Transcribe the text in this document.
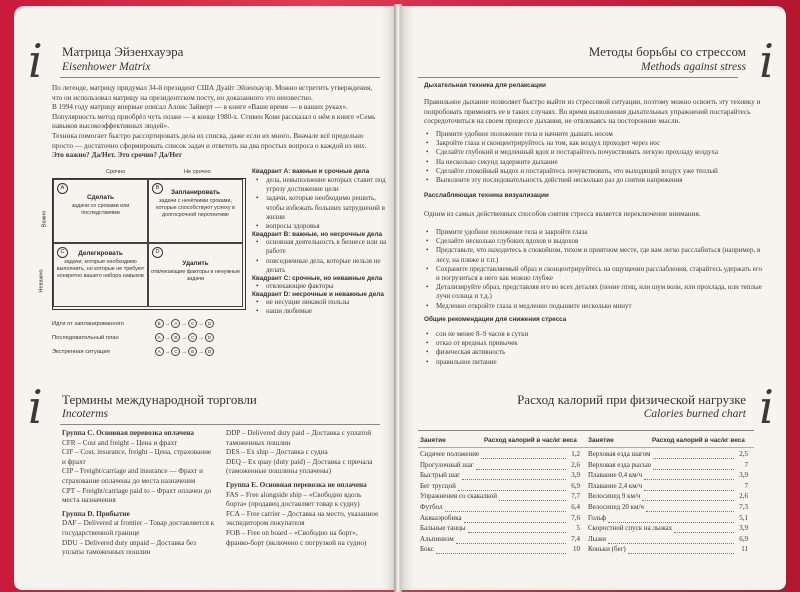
i Матрица Эйзенхауэра
Eisenhower Matrix
По легенде, матрицу придумал 34-й президент США Дуайт Эйзенхауэр. Можно встретить утверждения, что он использовал матрицу на президентском посту, но доказанного это неизвестно.
В 1994 году матрицу впервые описал Алоис Зайверт — в книге «Ваше время — в ваших руках». Популярность метод приобрёл чуть позже — в конце 1980-х. Стивен Кови рассказал о нём в книге «Семь навыков высокоэффективных людей».
Техника помогает быстро рассортировать дела из списка, даже если их много. Вначале всё предельно просто — достаточно сформировать список задач и ответить на два простых вопроса о каждой из них.
Это важно? Да/Нет. Это срочно? Да/Нет
Срочно	Не срочно
Важно
Неважно
A
Сделать
задачи со сроками или последствиями
B
Запланировать
задачи с нечёткими сроками, которые способствуют успеху в долгосрочной перспективе
C	Делегировать
задачи, которые необходимо выполнить, но которые не требуют конкретно вашего набора навыков
D
Удалить
отвлекающие факторы и ненужные задачи
Квадрант А: важные и срочные дела
• дела, невыполнение которых ставит под угрозу достижение цели
• задачи, которые необходимо решить, чтобы избежать больших затруднений в жизни
• вопросы здоровья
Квадрант В: важные, но несрочные дела
• основная деятельность в бизнесе или на работе
• повседневные дела, которые нельзя не делать
Квадрант С: срочные, но неважные дела
• отвлекающие факторы
Квадрант D: несрочные и неважные дела
• не несущие никакой пользы
• наши любимые
Идти от запланированного	B → A → C → D
Последовательный план	A → B → C → D
Экстренная ситуация	A → C → B → D
i Термины международной торговли
Incoterms
Группа С. Основная перевозка оплачена
CFR – Cost and freight – Цена и фрахт
CIF – Cost, insurance, freight – Цена, страхование и фрахт
CIP – Freight/carriage and insurance — Фрахт и страхование оплачены до места назначения
CPT – Freight/carriage paid to – Фрахт оплачен до места назначения
Группа D. Прибытие
DAF – Delivered at frontier – Товар доставляется к государственной границе
DDU – Delivered duty unpaid – Доставка без уплаты таможенных пошлин
DDP – Delivered duty paid – Доставка с уплатой таможенных пошлин
DES – Ex ship – Доставка с судна
DEQ – Ex quay (duty paid) – Доставка с причала (таможенные пошлины уплачены)
Группа Е. Основная перевозка не оплачена
FAS – Free alongside ship – «Свободно вдоль борта» (продавец доставляет товар к судну)
FCA – Free carrier – Доставка на место, указанное экспедитором покупателя
FOB – Free on board – «Свободно на борт», франко-борт (включено с погрузкой на судно)
Методы борьбы со стрессом
Methods against stress i
Дыхательная техника для релаксации
Правильное дыхание позволяет быстро выйти из стрессовой ситуации, поэтому можно освоить эту технику и попробовать применять ее в таких случаях. Во время выполнения дыхательных упражнений постарайтесь сосредоточиться на своем процессе дыхания, не отвлекаясь на посторонние мысли.
• Примите удобное положение тела и начните дышать носом
• Закройте глаза и сконцентрируйтесь на том, как воздух проходит через нос
• Сделайте глубокий и медленный вдох и постарайтесь почувствовать легкую прохладу воздуха
• На несколько секунд задержите дыхание
• Сделайте спокойный выдох и постарайтесь почувствовать, что выходящий воздух уже теплый
• Выполните эту последовательность действий несколько раз до снятия напряжения
Расслабляющая техника визуализации
Одним из самых действенных способов снятия стресса является переключение внимания.
• Примите удобное положение тела и закройте глаза
• Сделайте несколько глубоких вдохов и выдохов
• Представьте, что находитесь в спокойном, тихом и приятном месте, где вам легко расслабиться (например, в лесу, на пляже и т.п.)
• Сохраните представляемый образ и сконцентрируйтесь на ощущении расслабления, старайтесь удержать его и погрузиться в него как можно глубже
• Детализируйте образ, представляя его во всех деталях (пение птиц, или шум волн, или прохлада, или теплые лучи солнца и т.д.)
• Медленно откройте глаза и медленно подышите несколько минут
Общие рекомендации для снижения стресса
• сон не менее 8–9 часов в сутки
• отказ от вредных привычек
• физическая активность
• правильное питание
Расход калорий при физической нагрузке
Calories burned chart i
Занятие	Расход калорий в час/кг веса Занятие	Расход калорий в час/кг веса
Сидячее положение	1,2
Прогулочный шаг	2,6
Быстрый шаг	3,9
Бег трусцой	6,9
Упражнения со скакалкой	7,7
Футбол	6,4
Аквааэробика	7,6
Бальные танцы	5
Альпинизм	7,4
Бокс	10
Верховая езда шагом	2,5
Верховая езда рысью	7
Плавание 0,4 км/ч	3,9
Плавание 2,4 км/ч	7
Велосипед 9 км/ч	2,6
Велосипед 20 км/ч	7,3
Гольф	5,1
Скоростной спуск на лыжах	3,9
Лыжи	6,9
Коньки (бег)	11
